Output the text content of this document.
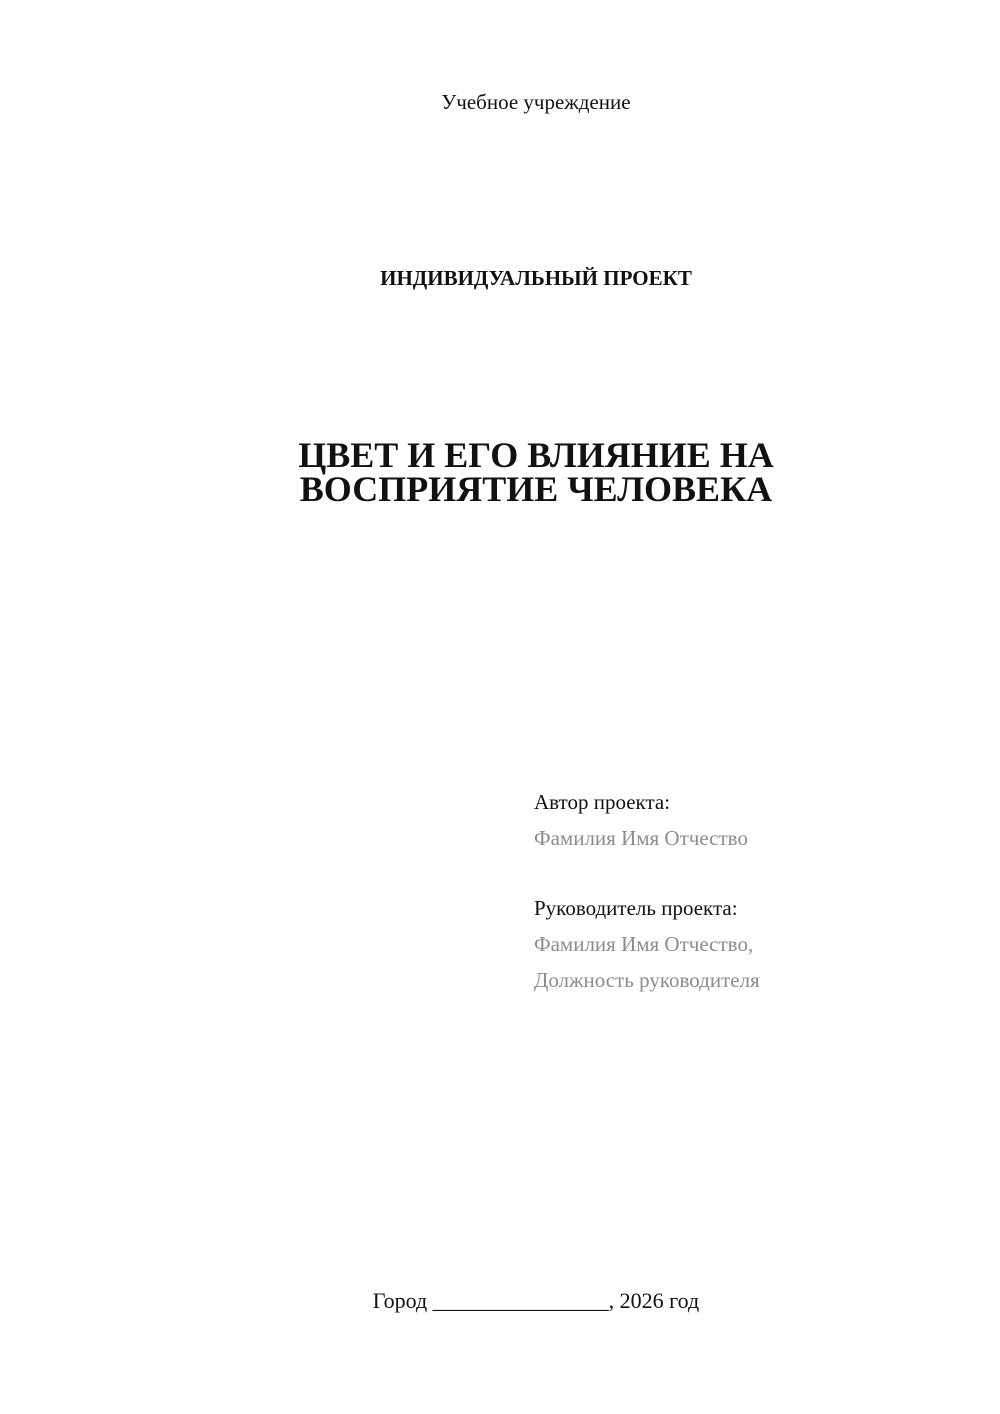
Учебное учреждение
ИНДИВИДУАЛЬНЫЙ ПРОЕКТ
ЦВЕТ И ЕГО ВЛИЯНИЕ НА
ВОСПРИЯТИЕ ЧЕЛОВЕКА
Автор проекта:
Фамилия Имя Отчество
Руководитель проекта:
Фамилия Имя Отчество,
Должность руководителя
Город ________________, 2026 год
